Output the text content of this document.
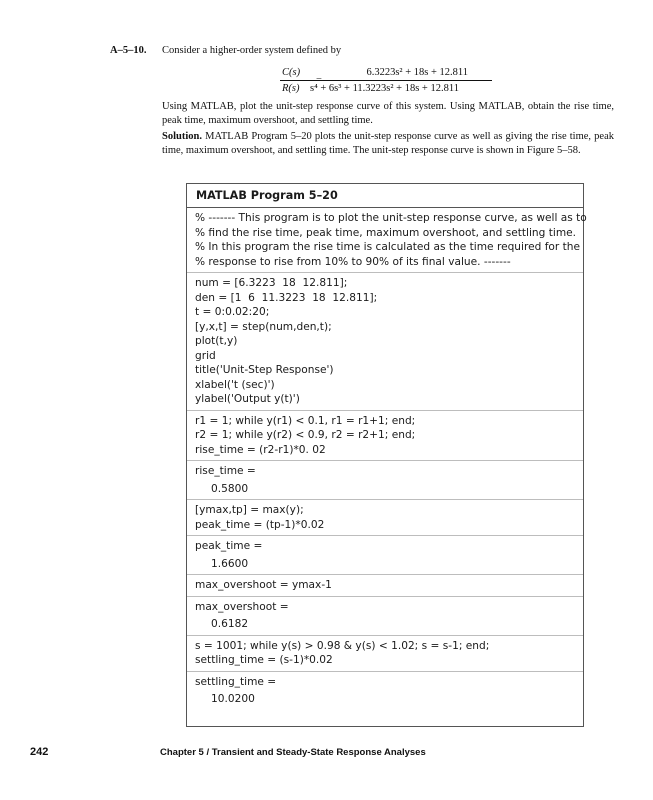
A–5–10. Consider a higher-order system defined by
C(s)
R(s)
=
6.3223s² + 18s + 12.811
s⁴ + 6s³ + 11.3223s² + 18s + 12.811
Using MATLAB, plot the unit-step response curve of this system. Using MATLAB, obtain the rise time, peak time, maximum overshoot, and settling time.
Solution. MATLAB Program 5–20 plots the unit-step response curve as well as giving the rise time, peak time, maximum overshoot, and settling time. The unit-step response curve is shown in Figure 5–58.
MATLAB Program 5–20
% ------- This program is to plot the unit-step response curve, as well as to
% find the rise time, peak time, maximum overshoot, and settling time.
% In this program the rise time is calculated as the time required for the
% response to rise from 10% to 90% of its final value. -------
num = [6.3223  18  12.811];
den = [1  6  11.3223  18  12.811];
t = 0:0.02:20;
[y,x,t] = step(num,den,t);
plot(t,y)
grid
title('Unit-Step Response')
xlabel('t (sec)')
ylabel('Output y(t)')
r1 = 1; while y(r1) < 0.1, r1 = r1+1; end;
r2 = 1; while y(r2) < 0.9, r2 = r2+1; end;
rise_time = (r2-r1)*0. 02
rise_time =
0.5800
[ymax,tp] = max(y);
peak_time = (tp-1)*0.02
peak_time =
1.6600
max_overshoot = ymax-1
max_overshoot =
0.6182
s = 1001; while y(s) > 0.98 & y(s) < 1.02; s = s-1; end;
settling_time = (s-1)*0.02
settling_time =
10.0200
242	Chapter 5 / Transient and Steady-State Response Analyses
